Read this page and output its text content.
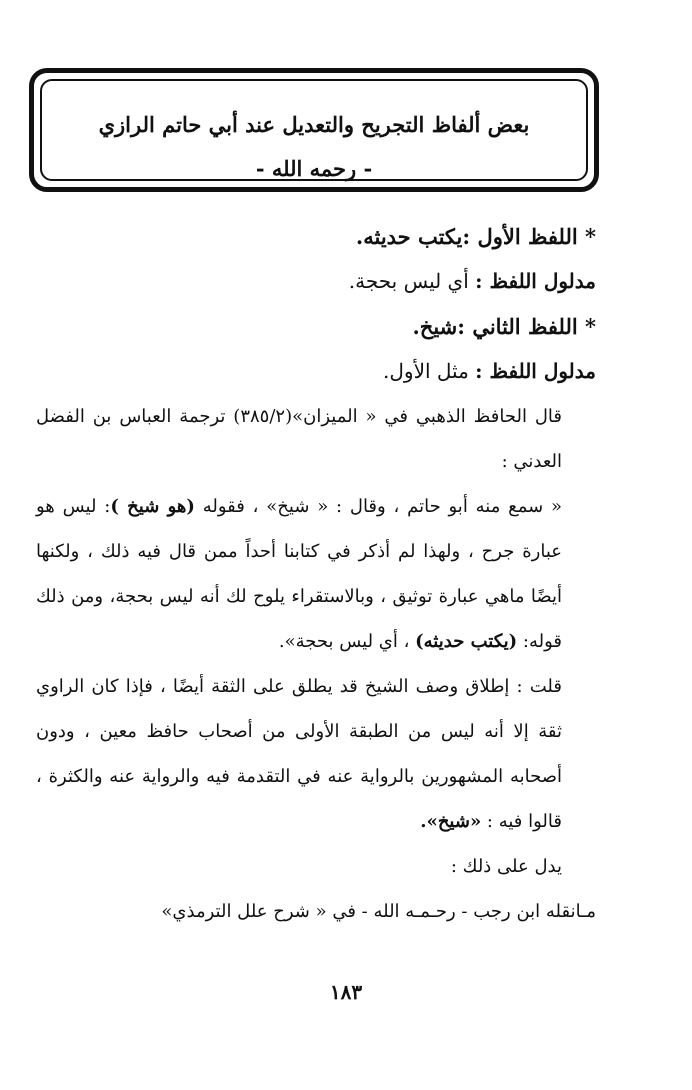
بعض ألفاظ التجريح والتعديل عند أبي حاتم الرازي
- رحمه الله -
* اللفظ الأول :يكتب حديثه.
مدلول اللفظ : أي ليس بحجة.
* اللفظ الثاني :شيخ.
مدلول اللفظ : مثل الأول.
قال الحافظ الذهبي في « الميزان»(٣٨٥/٢) ترجمة العباس بن الفضل العدني :
« سمع منه أبو حاتم ، وقال : « شيخ» ، فقوله (هو شيخ ): ليس هو عبارة جرح ، ولهذا لم أذكر في كتابنا أحداً ممن قال فيه ذلك ، ولكنها أيضًا ماهي عبارة توثيق ، وبالاستقراء يلوح لك أنه ليس بحجة، ومن ذلك قوله: (يكتب حديثه) ، أي ليس بحجة».
قلت : إطلاق وصف الشيخ قد يطلق على الثقة أيضًا ، فإذا كان الراوي ثقة إلا أنه ليس من الطبقة الأولى من أصحاب حافظ معين ، ودون أصحابه المشهورين بالرواية عنه في التقدمة فيه والرواية عنه والكثرة ، قالوا فيه : «شيخ».
يدل على ذلك :
مـانقله ابن رجب - رحـمـه الله - في « شرح علل الترمذي»
١٨٣
